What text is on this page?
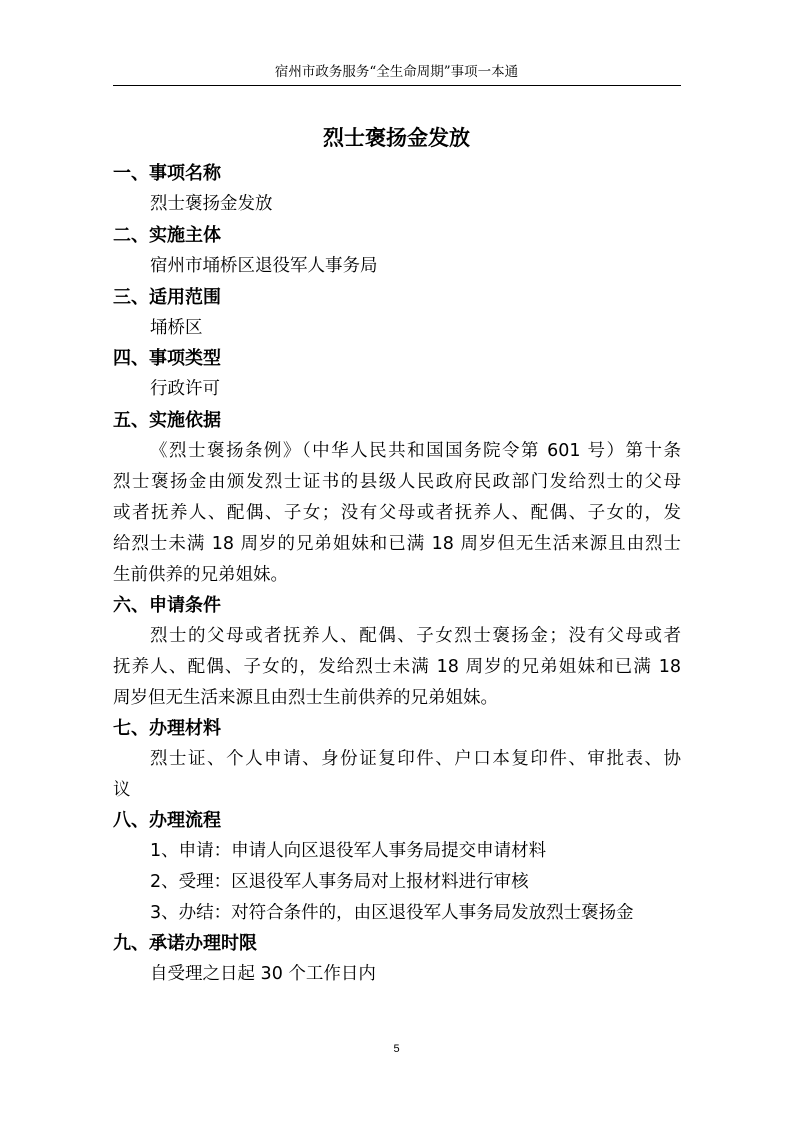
宿州市政务服务“全生命周期”事项一本通
烈士褒扬金发放
一、事项名称
烈士褒扬金发放
二、实施主体
宿州市埇桥区退役军人事务局
三、适用范围
埇桥区
四、事项类型
行政许可
五、实施依据
《烈士褒扬条例》（中华人民共和国国务院令第 601 号）第十条
烈士褒扬金由颁发烈士证书的县级人民政府民政部门发给烈士的父母
或者抚养人、配偶、子女；没有父母或者抚养人、配偶、子女的，发
给烈士未满 18 周岁的兄弟姐妹和已满 18 周岁但无生活来源且由烈士
生前供养的兄弟姐妹。
六、申请条件
烈士的父母或者抚养人、配偶、子女烈士褒扬金；没有父母或者
抚养人、配偶、子女的，发给烈士未满 18 周岁的兄弟姐妹和已满 18
周岁但无生活来源且由烈士生前供养的兄弟姐妹。
七、办理材料
烈士证、个人申请、身份证复印件、户口本复印件、审批表、协
议
八、办理流程
1、申请：申请人向区退役军人事务局提交申请材料
2、受理：区退役军人事务局对上报材料进行审核
3、办结：对符合条件的，由区退役军人事务局发放烈士褒扬金
九、承诺办理时限
自受理之日起 30 个工作日内
5
